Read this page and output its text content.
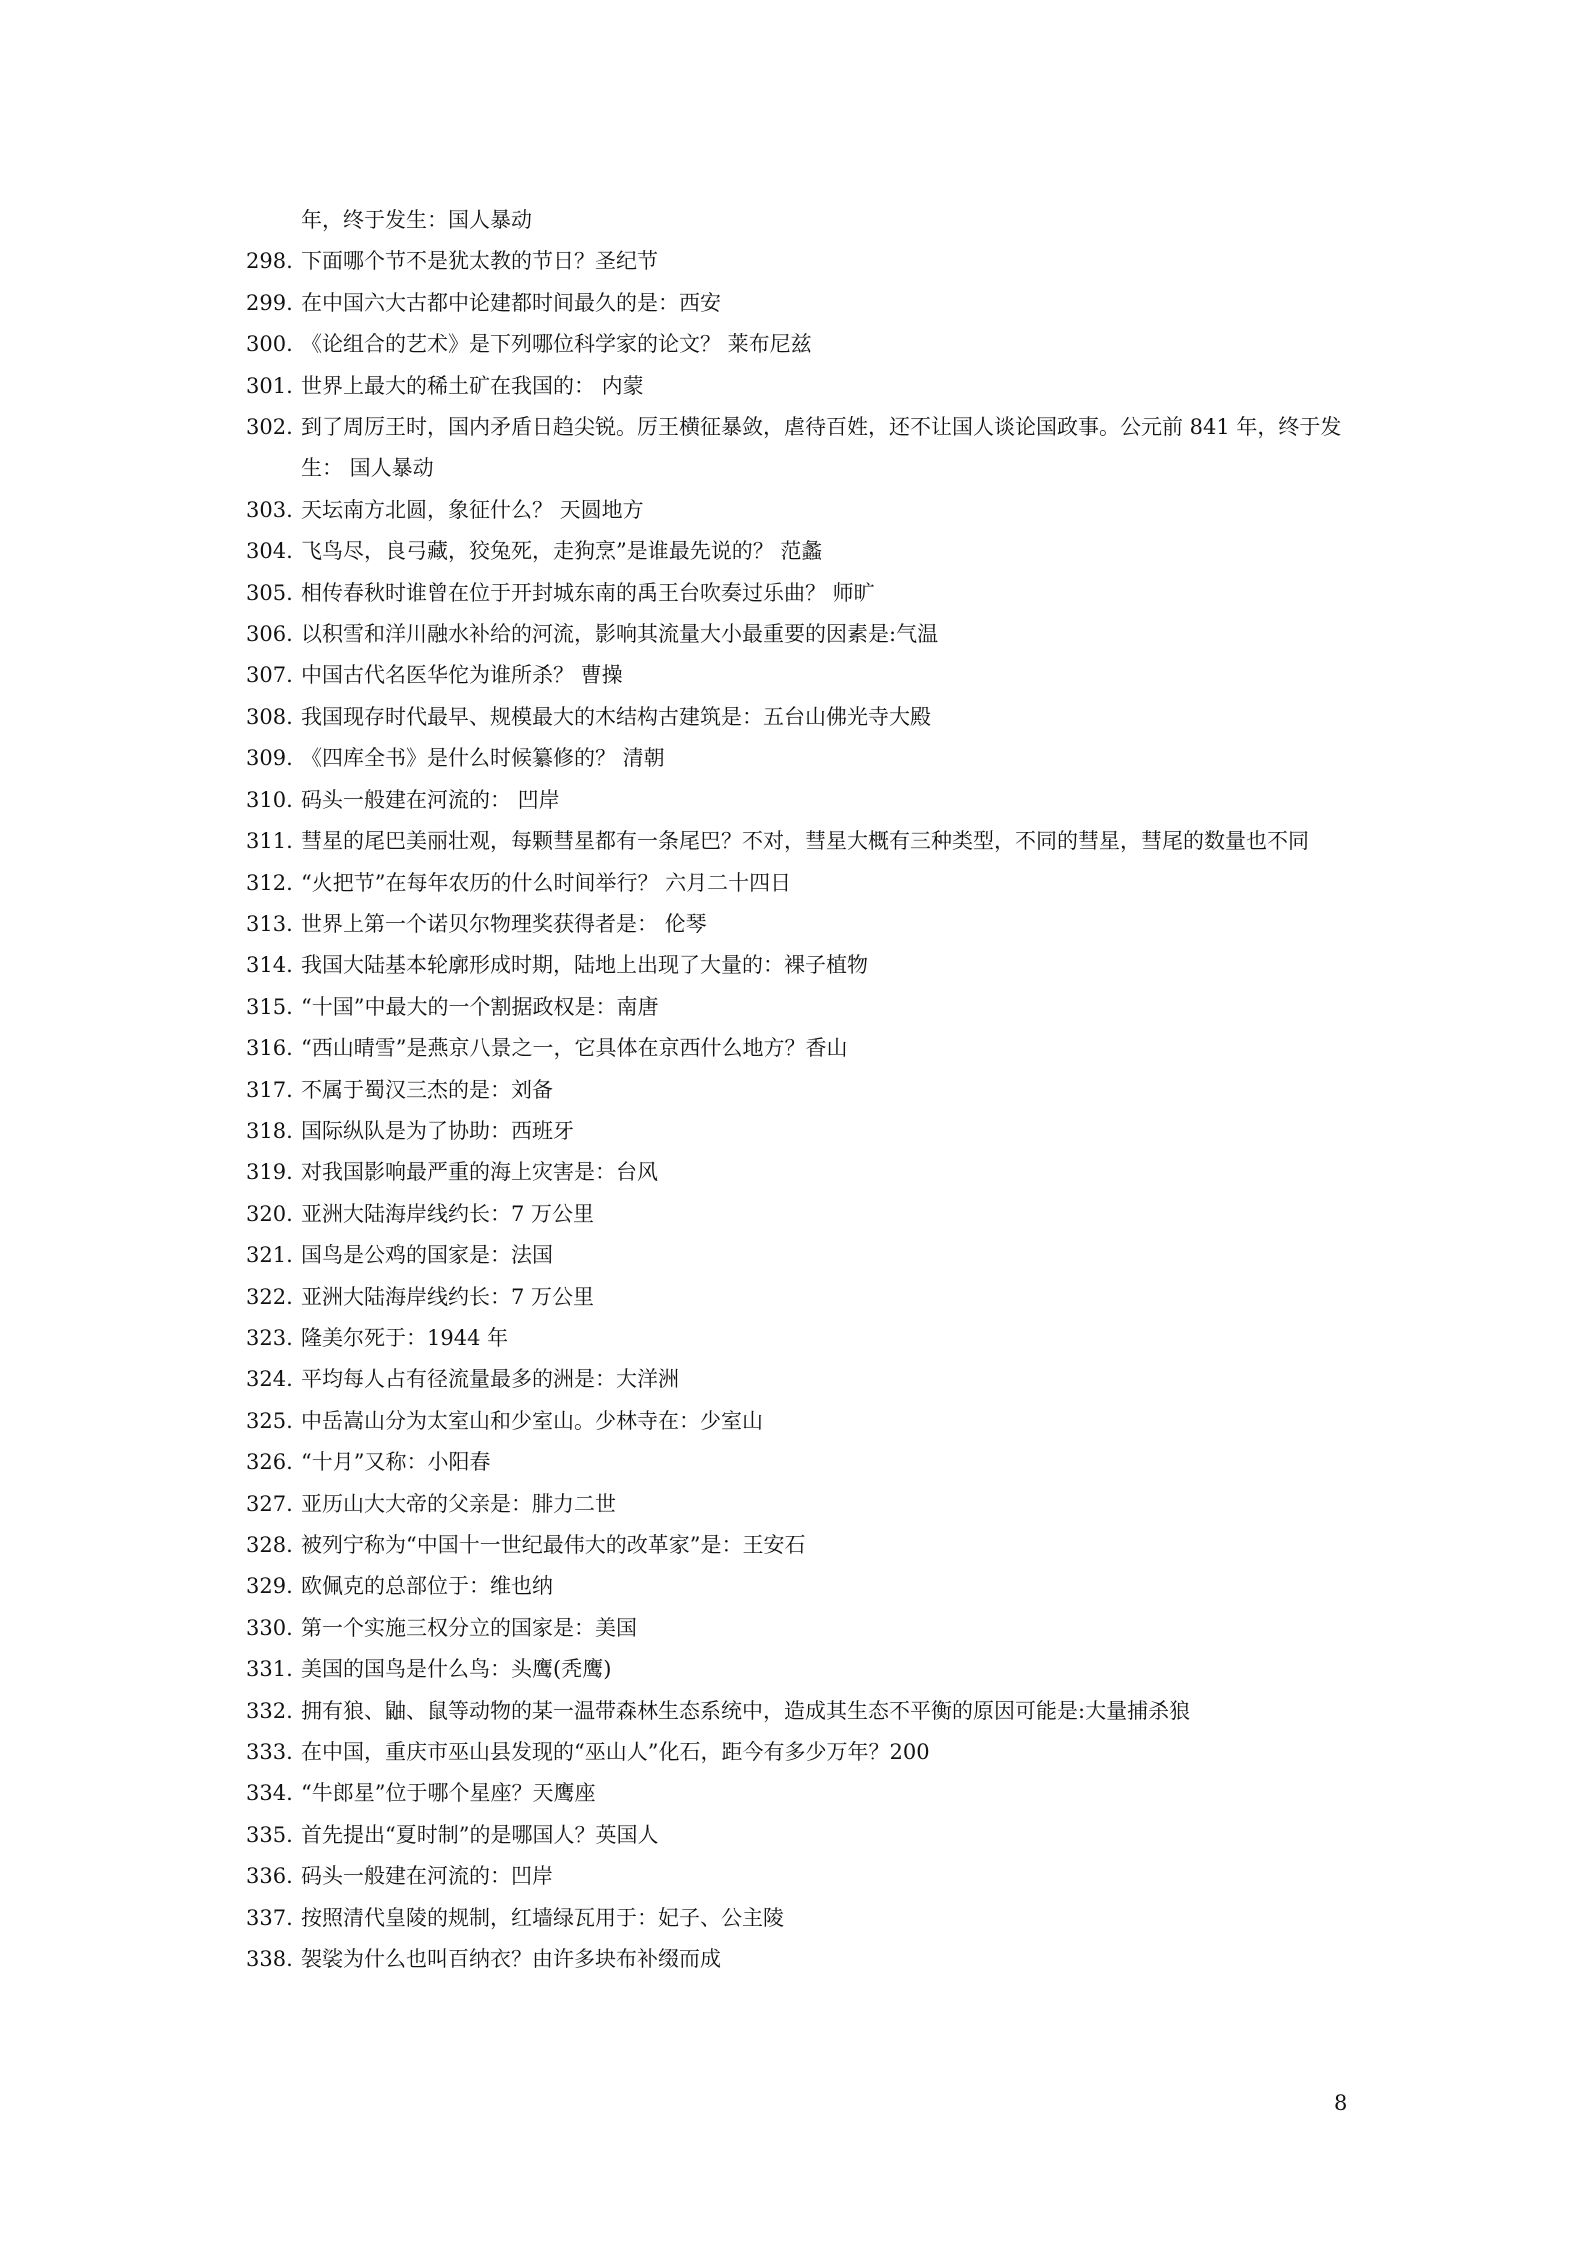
年，终于发生：国人暴动
298. 下面哪个节不是犹太教的节日？圣纪节
299. 在中国六大古都中论建都时间最久的是：西安
300. 《论组合的艺术》是下列哪位科学家的论文？ 莱布尼兹
301. 世界上最大的稀土矿在我国的： 内蒙
302. 到了周厉王时，国内矛盾日趋尖锐。厉王横征暴敛，虐待百姓，还不让国人谈论国政事。公元前 841 年，终于发生： 国人暴动
303. 天坛南方北圆，象征什么？ 天圆地方
304. 飞鸟尽，良弓藏，狡兔死，走狗烹”是谁最先说的？ 范蠡
305. 相传春秋时谁曾在位于开封城东南的禹王台吹奏过乐曲？ 师旷
306. 以积雪和洋川融水补给的河流，影响其流量大小最重要的因素是:气温
307. 中国古代名医华佗为谁所杀？ 曹操
308. 我国现存时代最早、规模最大的木结构古建筑是：五台山佛光寺大殿
309. 《四库全书》是什么时候纂修的？ 清朝
310. 码头一般建在河流的： 凹岸
311. 彗星的尾巴美丽壮观，每颗彗星都有一条尾巴？不对，彗星大概有三种类型，不同的彗星，彗尾的数量也不同
312. “火把节”在每年农历的什么时间举行？ 六月二十四日
313. 世界上第一个诺贝尔物理奖获得者是： 伦琴
314. 我国大陆基本轮廓形成时期，陆地上出现了大量的：裸子植物
315. “十国”中最大的一个割据政权是：南唐
316. “西山晴雪”是燕京八景之一，它具体在京西什么地方？香山
317. 不属于蜀汉三杰的是：刘备
318. 国际纵队是为了协助：西班牙
319. 对我国影响最严重的海上灾害是：台风
320. 亚洲大陆海岸线约长：7 万公里
321. 国鸟是公鸡的国家是：法国
322. 亚洲大陆海岸线约长：7 万公里
323. 隆美尔死于：1944 年
324. 平均每人占有径流量最多的洲是：大洋洲
325. 中岳嵩山分为太室山和少室山。少林寺在：少室山
326. “十月”又称：小阳春
327. 亚历山大大帝的父亲是：腓力二世
328. 被列宁称为“中国十一世纪最伟大的改革家”是：王安石
329. 欧佩克的总部位于：维也纳
330. 第一个实施三权分立的国家是：美国
331. 美国的国鸟是什么鸟：头鹰(秃鹰)
332. 拥有狼、鼬、鼠等动物的某一温带森林生态系统中，造成其生态不平衡的原因可能是:大量捕杀狼
333. 在中国，重庆市巫山县发现的“巫山人”化石，距今有多少万年？200
334. “牛郎星”位于哪个星座？天鹰座
335. 首先提出“夏时制”的是哪国人？英国人
336. 码头一般建在河流的：凹岸
337. 按照清代皇陵的规制，红墙绿瓦用于：妃子、公主陵
338. 袈裟为什么也叫百纳衣？由许多块布补缀而成
8
